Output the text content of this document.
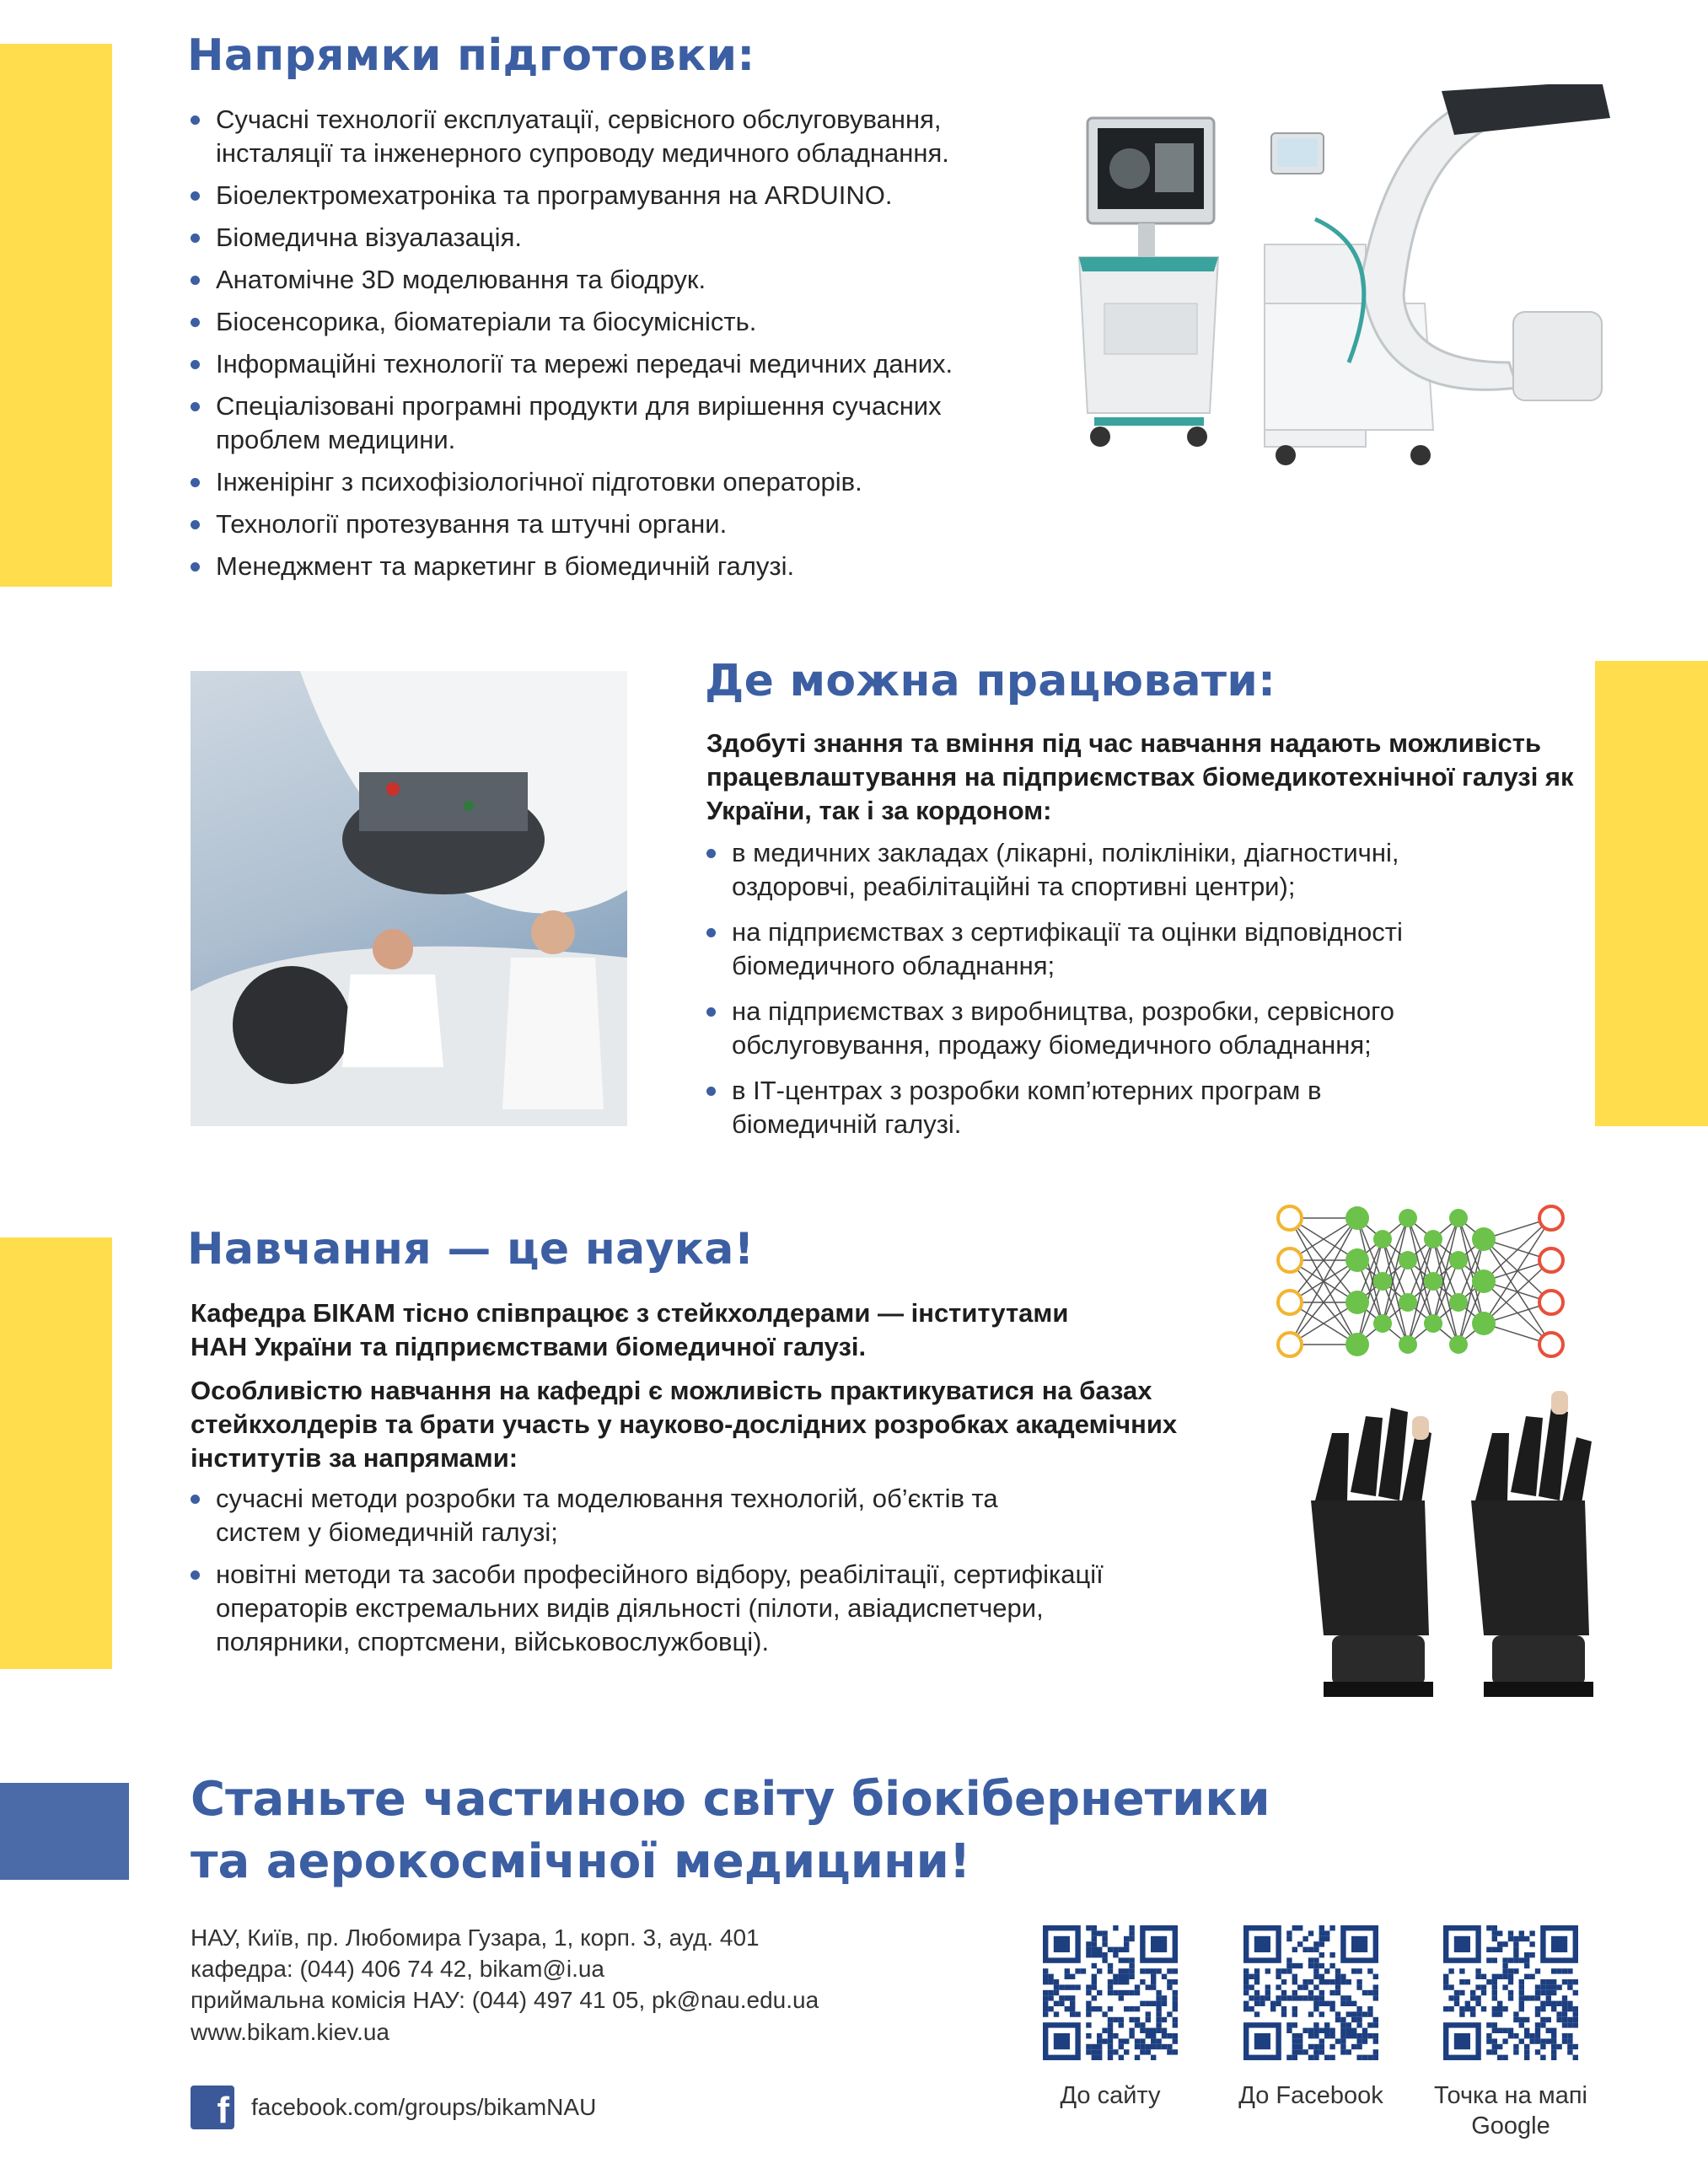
Напрямки підготовки:
Сучасні технології експлуатації, сервісного обслуговування, інсталяції та інженерного супроводу медичного обладнання.
Біоелектромехатроніка та програмування на ARDUINO.
Біомедична візуалазація.
Анатомічне 3D моделювання та біодрук.
Біосенсорика, біоматеріали та біосумісність.
Інформаційні технології та мережі передачі медичних даних.
Спеціалізовані програмні продукти для вирішення сучасних проблем медицини.
Інженірінг з психофізіологічної підготовки операторів.
Технології протезування та штучні органи.
Менеджмент та маркетинг в біомедичній галузі.
Де можна працювати:

Здобуті знання та вміння під час навчання надають можливість працевлаштування на підприємствах біомедикотехнічної галузі як України, так і за кордоном:

в медичних закладах (лікарні, поліклініки, діагностичні, оздоровчі, реабілітаційні та спортивні центри);
на підприємствах з сертифікації та оцінки відповідності біомедичного обладнання;
на підприємствах з виробництва, розробки, сервісного обслуговування, продажу біомедичного обладнання;
в ІТ-центрах з розробки комп’ютерних програм в біомедичній галузі.
Навчання — це наука!

Кафедра БІКАМ тісно співпрацює з стейкхолдерами — інститутами НАН України та підприємствами біомедичної галузі.

Особливістю навчання на кафедрі є можливість практикуватися на базах стейкхолдерів та брати участь у науково-дослідних розробках академічних інститутів за напрямами:

сучасні методи розробки та моделювання технологій, об’єктів та систем у біомедичній галузі;
новітні методи та засоби професійного відбору, реабілітації, сертифікації операторів екстремальних видів діяльності (пілоти, авіадиспетчери, полярники, спортсмени, військовослужбовці).
Станьте частиною світу біокібернетики
та аерокосмічної медицини!
НАУ, Київ, пр. Любомира Гузара, 1, корп. 3, ауд. 401
кафедра: (044) 406 74 42, bikam@i.ua
приймальна комісія НАУ: (044) 497 41 05, pk@nau.edu.ua
www.bikam.kiev.ua
f facebook.com/groups/bikamNAU	До сайту	До Facebook	Точка на мапі Google
